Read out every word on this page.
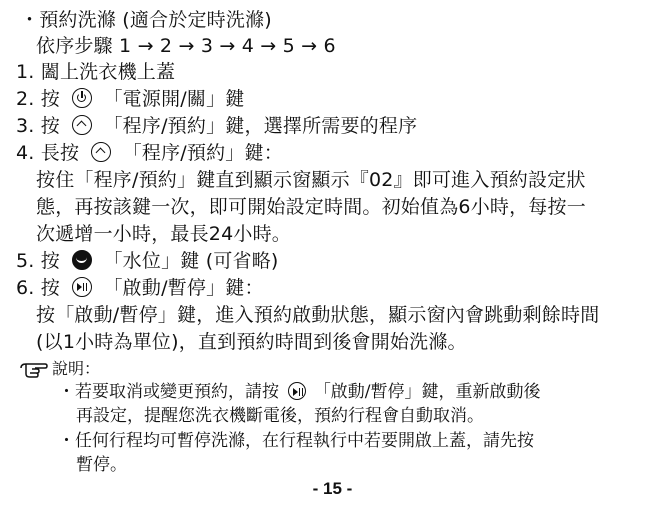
・預約洗滌 (適合於定時洗滌)
依序步驟 1 → 2 → 3 → 4 → 5 → 6
1. 闔上洗衣機上蓋
2. 按 「電源開/關」鍵
3. 按 「程序/預約」鍵，選擇所需要的程序
4. 長按 「程序/預約」鍵：
按住「程序/預約」鍵直到顯示窗顯示『02』即可進入預約設定狀
態，再按該鍵一次，即可開始設定時間。初始值為6小時，每按一
次遞增一小時，最長24小時。
5. 按 「水位」鍵 (可省略)
6. 按 「啟動/暫停」鍵：
按「啟動/暫停」鍵，進入預約啟動狀態，顯示窗內會跳動剩餘時間
(以1小時為單位)，直到預約時間到後會開始洗滌。
說明：
・若要取消或變更預約，請按 「啟動/暫停」鍵，重新啟動後
再設定，提醒您洗衣機斷電後，預約行程會自動取消。
・任何行程均可暫停洗滌，在行程執行中若要開啟上蓋，請先按
暫停。
- 15 -
